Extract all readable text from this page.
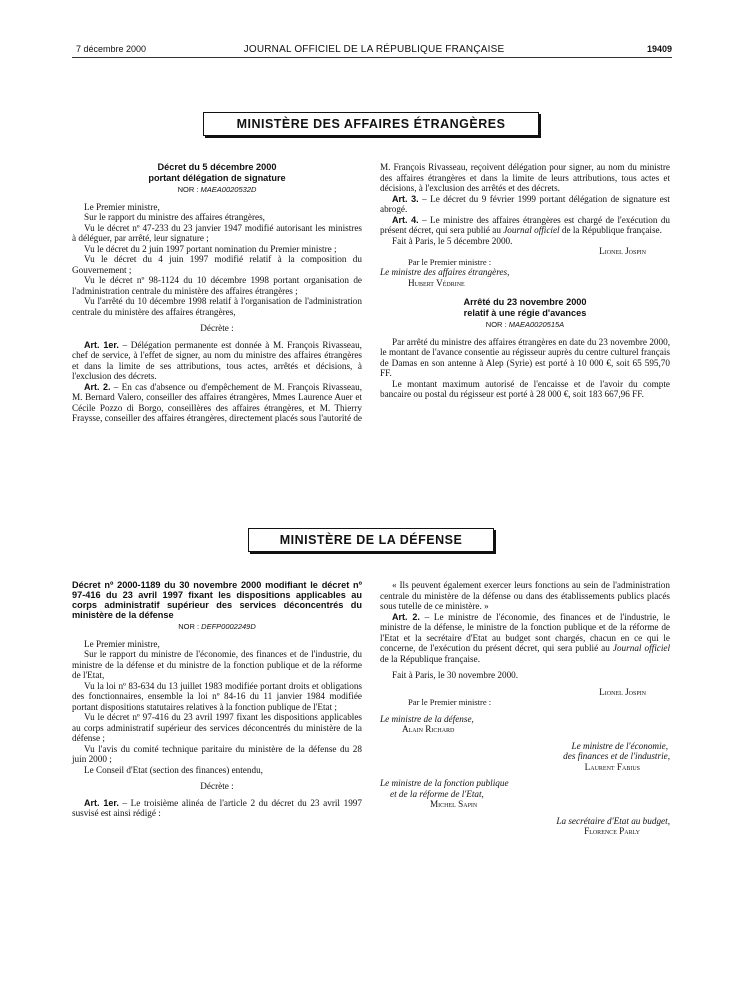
7 décembre 2000	JOURNAL OFFICIEL DE LA RÉPUBLIQUE FRANÇAISE	19409
MINISTÈRE DES AFFAIRES ÉTRANGÈRES
Décret du 5 décembre 2000
portant délégation de signature

NOR : MAEA0020532D

Le Premier ministre,

Sur le rapport du ministre des affaires étrangères,

Vu le décret nº 47-233 du 23 janvier 1947 modifié autorisant les ministres à déléguer, par arrêté, leur signature ;

Vu le décret du 2 juin 1997 portant nomination du Premier ministre ;

Vu le décret du 4 juin 1997 modifié relatif à la composition du Gouvernement ;

Vu le décret nº 98-1124 du 10 décembre 1998 portant organisation de l'administration centrale du ministère des affaires étrangères ;

Vu l'arrêté du 10 décembre 1998 relatif à l'organisation de l'administration centrale du ministère des affaires étrangères,

Décrète :

Art. 1er. – Délégation permanente est donnée à M. François Rivasseau, chef de service, à l'effet de signer, au nom du ministre des affaires étrangères et dans la limite de ses attributions, tous actes, arrêtés et décisions, à l'exclusion des décrets.

Art. 2. – En cas d'absence ou d'empêchement de M. François Rivasseau, M. Bernard Valero, conseiller des affaires étrangères, Mmes Laurence Auer et Cécile Pozzo di Borgo, conseillères des affaires étrangères, et M. Thierry Fraysse, conseiller des affaires étrangères, directement placés sous l'autorité de

M. François Rivasseau, reçoivent délégation pour signer, au nom du ministre des affaires étrangères et dans la limite de leurs attributions, tous actes et décisions, à l'exclusion des arrêtés et des décrets.

Art. 3. – Le décret du 9 février 1999 portant délégation de signature est abrogé.

Art. 4. – Le ministre des affaires étrangères est chargé de l'exécution du présent décret, qui sera publié au Journal officiel de la République française.

Fait à Paris, le 5 décembre 2000.

Lionel Jospin

Par le Premier ministre :

Le ministre des affaires étrangères,

Hubert Védrine

Arrêté du 23 novembre 2000
relatif à une régie d'avances

NOR : MAEA0020515A

Par arrêté du ministre des affaires étrangères en date du 23 novembre 2000, le montant de l'avance consentie au régisseur auprès du centre culturel français de Damas en son antenne à Alep (Syrie) est porté à 10 000 €, soit 65 595,70 FF.

Le montant maximum autorisé de l'encaisse et de l'avoir du compte bancaire ou postal du régisseur est porté à 28 000 €, soit 183 667,96 FF.

MINISTÈRE DE LA DÉFENSE
Décret nº 2000-1189 du 30 novembre 2000 modifiant le décret nº 97-416 du 23 avril 1997 fixant les dispositions applicables au corps administratif supérieur des services déconcentrés du ministère de la défense

NOR : DEFP0002249D

Le Premier ministre,

Sur le rapport du ministre de l'économie, des finances et de l'industrie, du ministre de la défense et du ministre de la fonction publique et de la réforme de l'Etat,

Vu la loi nº 83-634 du 13 juillet 1983 modifiée portant droits et obligations des fonctionnaires, ensemble la loi nº 84-16 du 11 janvier 1984 modifiée portant dispositions statutaires relatives à la fonction publique de l'Etat ;

Vu le décret nº 97-416 du 23 avril 1997 fixant les dispositions applicables au corps administratif supérieur des services déconcentrés du ministère de la défense ;

Vu l'avis du comité technique paritaire du ministère de la défense du 28 juin 2000 ;

Le Conseil d'Etat (section des finances) entendu,

Décrète :

Art. 1er. – Le troisième alinéa de l'article 2 du décret du 23 avril 1997 susvisé est ainsi rédigé :

« Ils peuvent également exercer leurs fonctions au sein de l'administration centrale du ministère de la défense ou dans des établissements publics placés sous tutelle de ce ministère. »

Art. 2. – Le ministre de l'économie, des finances et de l'industrie, le ministre de la défense, le ministre de la fonction publique et de la réforme de l'Etat et la secrétaire d'Etat au budget sont chargés, chacun en ce qui le concerne, de l'exécution du présent décret, qui sera publié au Journal officiel de la République française.

Fait à Paris, le 30 novembre 2000.

Lionel Jospin

Par le Premier ministre :

Le ministre de la défense,

Alain Richard

Le ministre de l'économie,

des finances et de l'industrie,

Laurent Fabius

Le ministre de la fonction publique

et de la réforme de l'Etat,

Michel Sapin

La secrétaire d'Etat au budget,

Florence Parly
